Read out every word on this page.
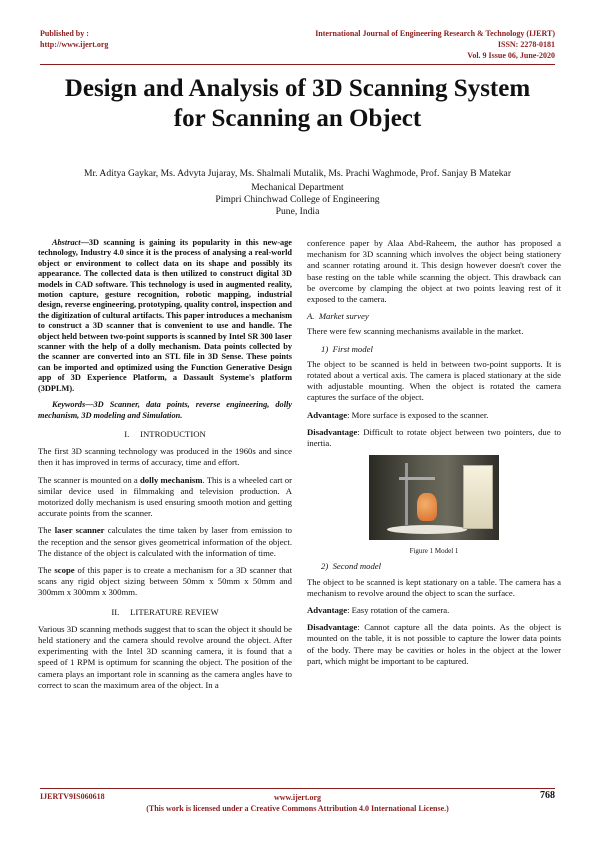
Published by :
http://www.ijert.org
International Journal of Engineering Research & Technology (IJERT)
ISSN: 2278-0181
Vol. 9 Issue 06, June-2020
Design and Analysis of 3D Scanning System
for Scanning an Object
Mr. Aditya Gaykar, Ms. Advyta Jujaray, Ms. Shalmali Mutalik, Ms. Prachi Waghmode, Prof. Sanjay B Matekar
Mechanical Department
Pimpri Chinchwad College of Engineering
Pune, India

Abstract—3D scanning is gaining its popularity in this new-age technology, Industry 4.0 since it is the process of analysing a real-world object or environment to collect data on its shape and possibly its appearance. The collected data is then utilized to construct digital 3D models in CAD software. This technology is used in augmented reality, motion capture, gesture recognition, robotic mapping, industrial design, reverse engineering, prototyping, quality control, inspection and the digitization of cultural artifacts. This paper introduces a mechanism to construct a 3D scanner that is convenient to use and handle. The object held between two-point supports is scanned by Intel SR 300 laser scanner with the help of a dolly mechanism. Data points collected by the scanner are converted into an STL file in 3D Sense. These points can be imported and optimized using the Function Generative Design app of 3D Experience Platform, a Dassault Systeme's platform (3DPLM).

Keywords—3D Scanner, data points, reverse engineering, dolly mechanism, 3D modeling and Simulation.

I.     INTRODUCTION

The first 3D scanning technology was produced in the 1960s and since then it has improved in terms of accuracy, time and effort.

The scanner is mounted on a dolly mechanism. This is a wheeled cart or similar device used in filmmaking and television production. A motorized dolly mechanism is used ensuring smooth motion and getting accurate points from the scanner.

The laser scanner calculates the time taken by laser from emission to the reception and the sensor gives geometrical information of the object. The distance of the object is calculated with the information of time.

The scope of this paper is to create a mechanism for a 3D scanner that scans any rigid object sizing between 50mm x 50mm x 50mm and 300mm x 300mm x 300mm.

II.     LITERATURE REVIEW

Various 3D scanning methods suggest that to scan the object it should be held stationery and the camera should revolve around the object. After experimenting with the Intel 3D scanning camera, it is found that a speed of 1 RPM is optimum for scanning the object. The position of the camera plays an important role in scanning as the camera angles have to correct to scan the maximum area of the object. In a

conference paper by Alaa Abd-Raheem, the author has proposed a mechanism for 3D scanning which involves the object being stationery and scanner rotating around it. This design however doesn't cover the base resting on the table while scanning the object. This drawback can be overcome by clamping the object at two points leaving rest of it exposed to the camera.

A.  Market survey

There were few scanning mechanisms available in the market.

1)  First model

The object to be scanned is held in between two-point supports. It is rotated about a vertical axis. The camera is placed stationary at the side with adjustable mounting. When the object is rotated the camera captures the surface of the object.

Advantage: More surface is exposed to the scanner.

Disadvantage: Difficult to rotate object between two pointers, due to inertia.

Figure 1 Model 1

2)  Second model

The object to be scanned is kept stationary on a table. The camera has a mechanism to revolve around the object to scan the surface.

Advantage: Easy rotation of the camera.

Disadvantage: Cannot capture all the data points. As the object is mounted on the table, it is not possible to capture the lower data points of the body. There may be cavities or holes in the object at the lower part, which might be important to be captured.

IJERTV9IS060618	www.ijert.org
(This work is licensed under a Creative Commons Attribution 4.0 International License.)
768
